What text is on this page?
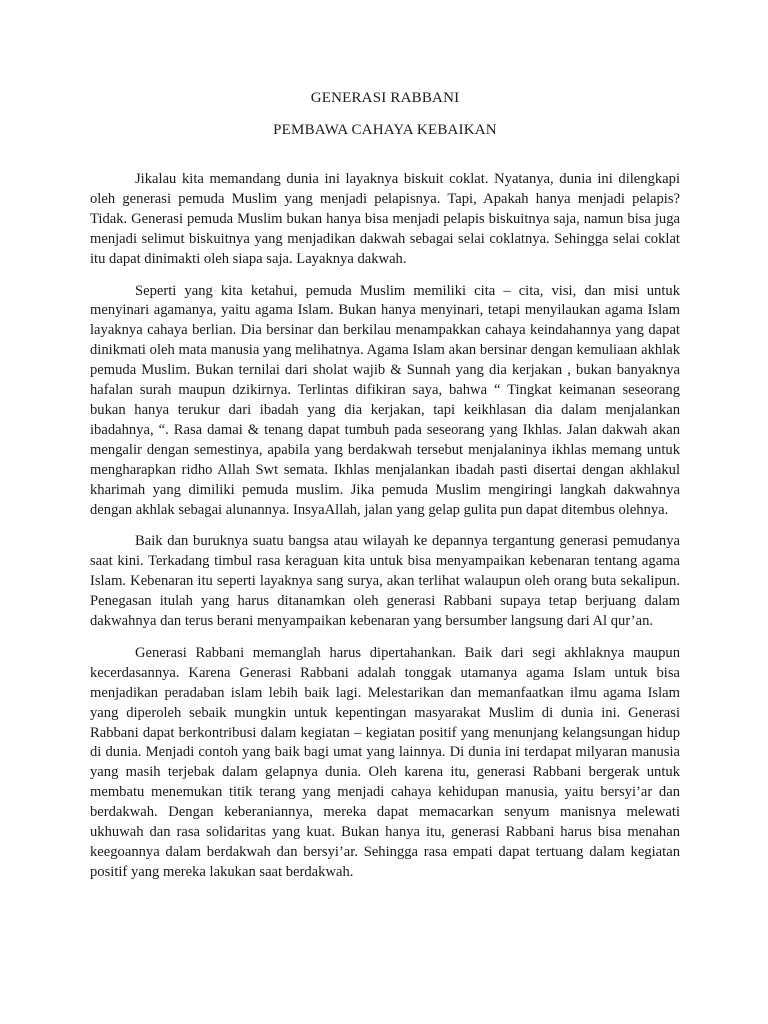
GENERASI RABBANI
PEMBAWA CAHAYA KEBAIKAN

Jikalau kita memandang dunia ini layaknya biskuit coklat. Nyatanya, dunia ini dilengkapi oleh generasi pemuda Muslim yang menjadi pelapisnya. Tapi, Apakah hanya menjadi pelapis? Tidak. Generasi pemuda Muslim bukan hanya bisa menjadi pelapis biskuitnya saja, namun bisa juga menjadi selimut biskuitnya yang menjadikan dakwah sebagai selai coklatnya. Sehingga selai coklat itu dapat dinimakti oleh siapa saja. Layaknya dakwah.

Seperti yang kita ketahui, pemuda Muslim memiliki cita – cita, visi, dan misi untuk menyinari agamanya, yaitu agama Islam. Bukan hanya menyinari, tetapi menyilaukan agama Islam layaknya cahaya berlian. Dia bersinar dan berkilau menampakkan cahaya keindahannya yang dapat dinikmati oleh mata manusia yang melihatnya. Agama Islam akan bersinar dengan kemuliaan akhlak pemuda Muslim. Bukan ternilai dari sholat wajib & Sunnah yang dia kerjakan , bukan banyaknya hafalan surah maupun dzikirnya. Terlintas difikiran saya, bahwa “ Tingkat keimanan seseorang bukan hanya terukur dari ibadah yang dia kerjakan, tapi keikhlasan dia dalam menjalankan ibadahnya, “. Rasa damai & tenang dapat tumbuh pada seseorang yang Ikhlas. Jalan dakwah akan mengalir dengan semestinya, apabila yang berdakwah tersebut menjalaninya ikhlas memang untuk mengharapkan ridho Allah Swt semata. Ikhlas menjalankan ibadah pasti disertai dengan akhlakul kharimah yang dimiliki pemuda muslim. Jika pemuda Muslim mengiringi langkah dakwahnya dengan akhlak sebagai alunannya. InsyaAllah, jalan yang gelap gulita pun dapat ditembus olehnya.

Baik dan buruknya suatu bangsa atau wilayah ke depannya tergantung generasi pemudanya saat kini. Terkadang timbul rasa keraguan kita untuk bisa menyampaikan kebenaran tentang agama Islam. Kebenaran itu seperti layaknya sang surya, akan terlihat walaupun oleh orang buta sekalipun. Penegasan itulah yang harus ditanamkan oleh generasi Rabbani supaya tetap berjuang dalam dakwahnya dan terus berani menyampaikan kebenaran yang bersumber langsung dari Al qur’an.

Generasi Rabbani memanglah harus dipertahankan. Baik dari segi akhlaknya maupun kecerdasannya. Karena Generasi Rabbani adalah tonggak utamanya agama Islam untuk bisa menjadikan peradaban islam lebih baik lagi. Melestarikan dan memanfaatkan ilmu agama Islam yang diperoleh sebaik mungkin untuk kepentingan masyarakat Muslim di dunia ini. Generasi Rabbani dapat berkontribusi dalam kegiatan – kegiatan positif yang menunjang kelangsungan hidup di dunia. Menjadi contoh yang baik bagi umat yang lainnya. Di dunia ini terdapat milyaran manusia yang masih terjebak dalam gelapnya dunia. Oleh karena itu, generasi Rabbani bergerak untuk membatu menemukan titik terang yang menjadi cahaya kehidupan manusia, yaitu bersyi’ar dan berdakwah. Dengan keberaniannya, mereka dapat memacarkan senyum manisnya melewati ukhuwah dan rasa solidaritas yang kuat. Bukan hanya itu, generasi Rabbani harus bisa menahan keegoannya dalam berdakwah dan bersyi’ar. Sehingga rasa empati dapat tertuang dalam kegiatan positif yang mereka lakukan saat berdakwah.
